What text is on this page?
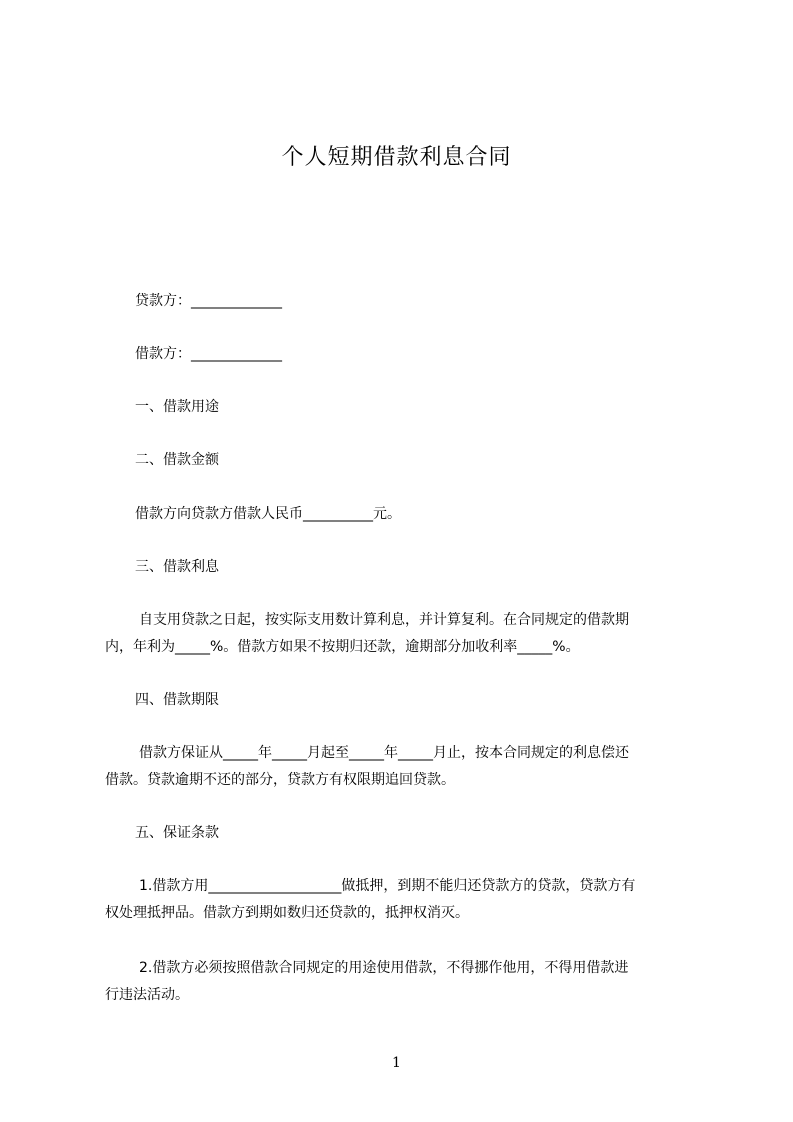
个人短期借款利息合同
贷款方：_____________
借款方：_____________
一、借款用途
二、借款金额
借款方向贷款方借款人民币__________元。
三、借款利息
自支用贷款之日起，按实际支用数计算利息，并计算复利。在合同规定的借款期
内，年利为_____%。借款方如果不按期归还款，逾期部分加收利率_____%。
四、借款期限
借款方保证从_____年_____月起至_____年_____月止，按本合同规定的利息偿还
借款。贷款逾期不还的部分，贷款方有权限期追回贷款。
五、保证条款
1.借款方用___________________做抵押，到期不能归还贷款方的贷款，贷款方有
权处理抵押品。借款方到期如数归还贷款的，抵押权消灭。
2.借款方必须按照借款合同规定的用途使用借款，不得挪作他用，不得用借款进
行违法活动。
1
